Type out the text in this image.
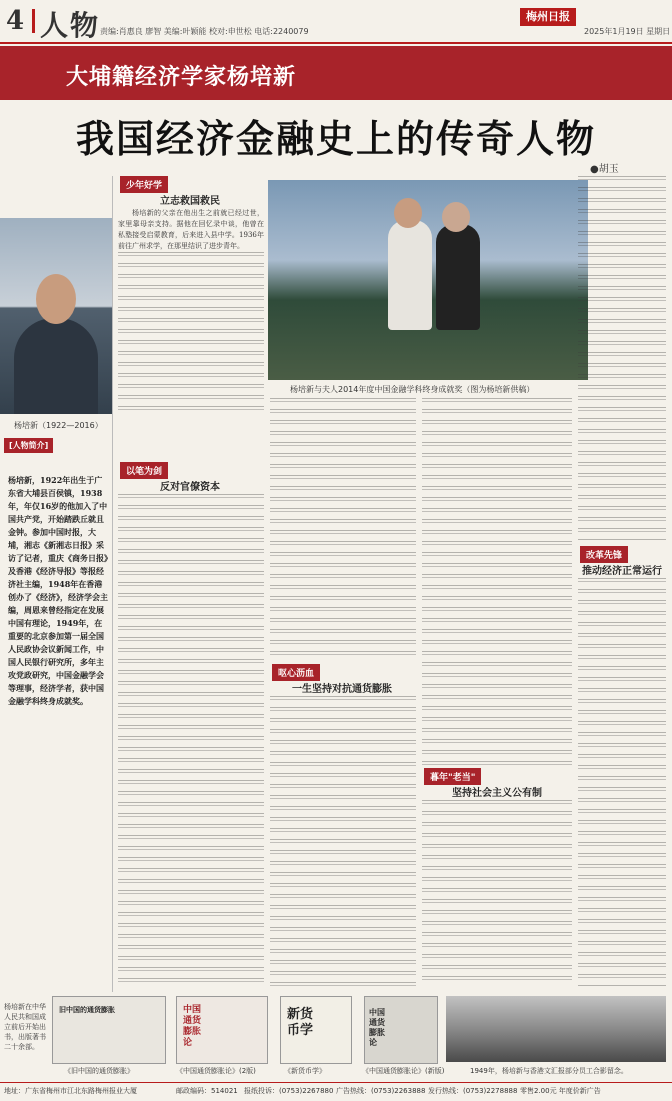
4 人物 责编:肖惠良 廖智 美编:叶颖能 校对:申世松 电话:2240079
梅州日报
2025年1月19日 星期日
大埔籍经济学家杨培新
我国经济金融史上的传奇人物
●胡玉
杨培新（1922—2016）
[人物简介]
杨培新，1922年出生于广东省大埔县百侯镇，1938年，年仅16岁的他加入了中国共产党，开始踏跌丘就且金钟。参加中国时报，大埔，湘志《新湘志日报》采访了记者，重庆《商务日报》及香港《经济导报》等报经济社主编，1948年在香港创办了《经济》，经济学会主编，周恩来曾经指定在发展中国有理论，1949年，在重要的北京参加第一届全国人民政协会议新闻工作，中国人民银行研究所，多年主攻党政研究，中国金融学会等理事，经济学者，获中国金融学科终身成就奖。
杨培新与夫人2014年度中国金融学科终身成就奖（图为杨培新供稿）
少年好学
立志救国救民

杨培新的父亲在他出生之前就已经过世，家里靠母亲支持。据他在回忆录中谈，他曾在私塾接受启蒙教育，后来进入县中学。1936年前往广州求学，在那里结识了进步青年。

以笔为剑
反对官僚资本
呕心沥血
一生坚持对抗通货膨胀
暮年"老当"
坚持社会主义公有制
改革先锋
推动经济正常运行
杨培新在中华人民共和国成立前后开始出书，出版著书二十余部。
旧中国的通货膨胀
《旧中国的通货膨胀》
中国通货膨胀论
《中国通货膨胀论》(2版)
新货币学
《新货币学》
中国通货膨胀论
《中国通货膨胀论》(新版)	1949年，杨培新与香港文汇报部分员工合影留念。
地址：广东省梅州市江北东路梅州报业大厦	邮政编码：514021 报纸投诉：(0753)2267880 广告热线：(0753)2263888 发行热线：(0753)2278888 零售2.00元 年度价新广告
